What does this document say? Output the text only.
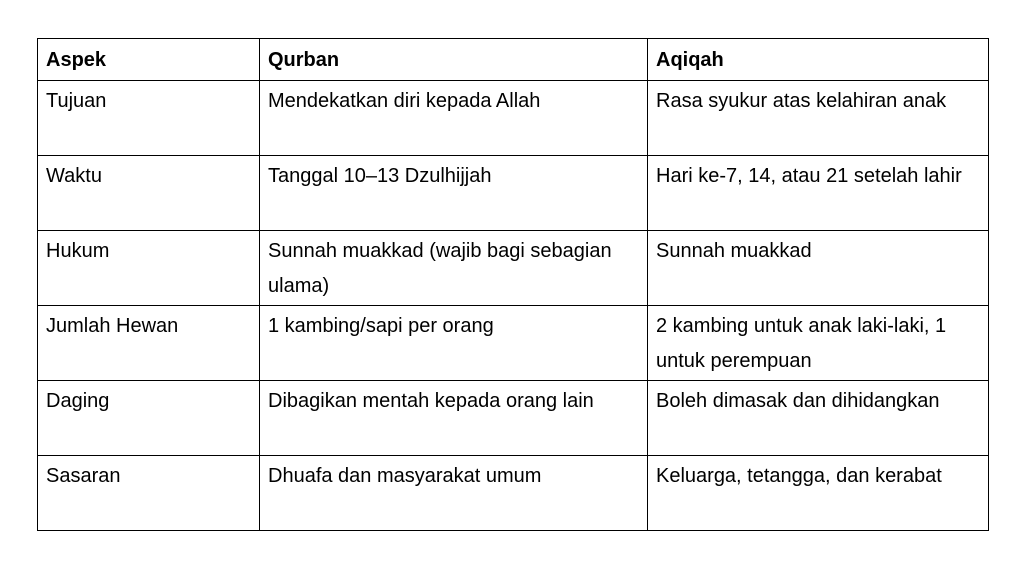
Aspek	Qurban	Aqiqah
Tujuan	Mendekatkan diri kepada Allah	Rasa syukur atas kelahiran anak
Waktu	Tanggal 10–13 Dzulhijjah	Hari ke-7, 14, atau 21 setelah lahir
Hukum	Sunnah muakkad (wajib bagi sebagian ulama)	Sunnah muakkad
Jumlah Hewan	1 kambing/sapi per orang	2 kambing untuk anak laki-laki, 1 untuk perempuan
Daging	Dibagikan mentah kepada orang lain	Boleh dimasak dan dihidangkan
Sasaran	Dhuafa dan masyarakat umum	Keluarga, tetangga, dan kerabat
